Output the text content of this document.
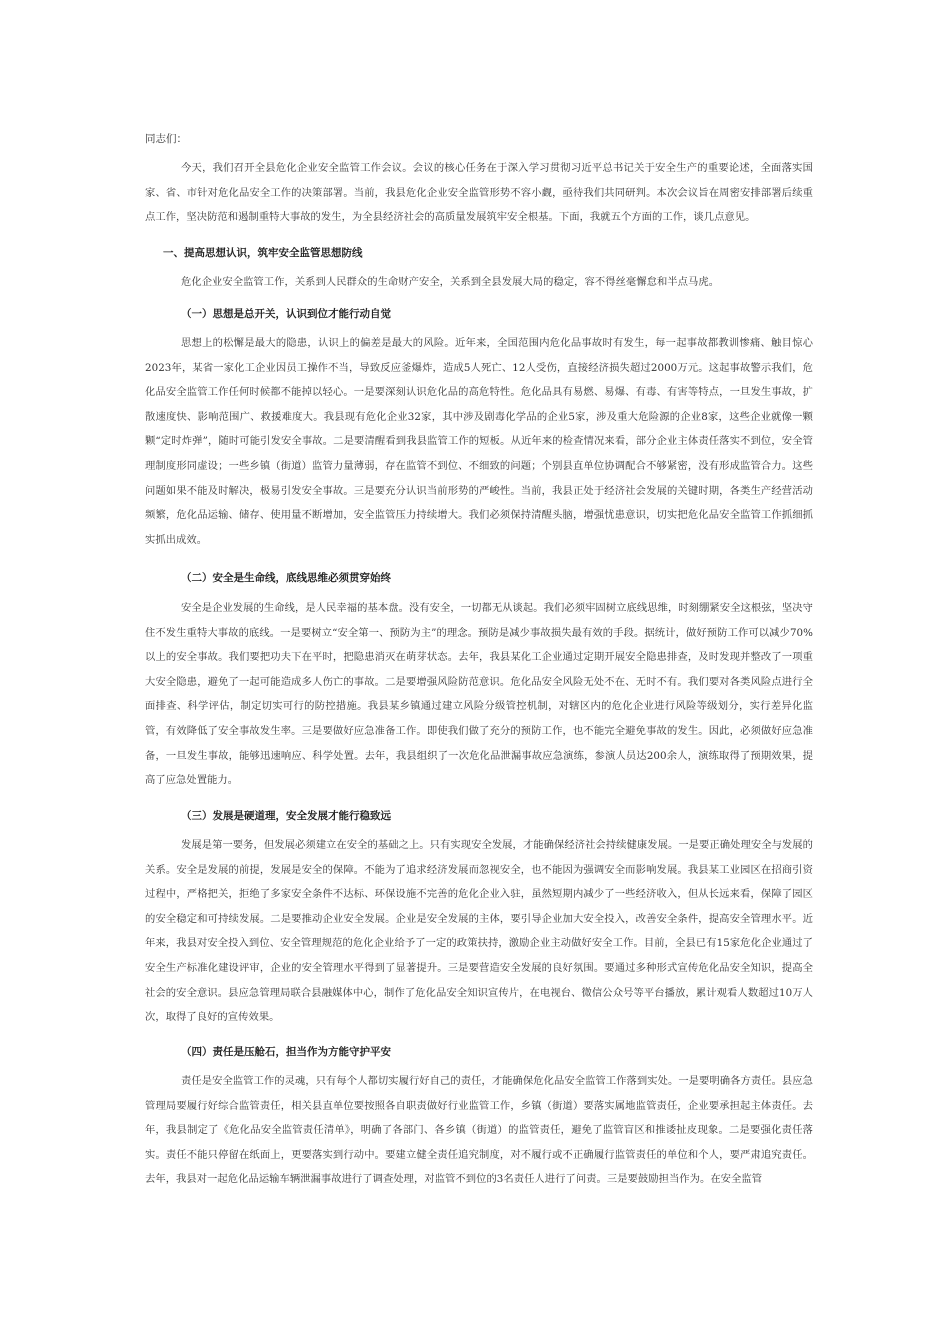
同志们：

今天，我们召开全县危化企业安全监管工作会议。会议的核心任务在于深入学习贯彻习近平总书记关于安全生产的重要论述，全面落实国家、省、市针对危化品安全工作的决策部署。当前，我县危化企业安全监管形势不容小觑，亟待我们共同研判。本次会议旨在周密安排部署后续重点工作，坚决防范和遏制重特大事故的发生，为全县经济社会的高质量发展筑牢安全根基。下面，我就五个方面的工作，谈几点意见。

一、提高思想认识，筑牢安全监管思想防线

危化企业安全监管工作，关系到人民群众的生命财产安全，关系到全县发展大局的稳定，容不得丝毫懈怠和半点马虎。

（一）思想是总开关，认识到位才能行动自觉

思想上的松懈是最大的隐患，认识上的偏差是最大的风险。近年来，全国范围内危化品事故时有发生，每一起事故都教训惨痛、触目惊心2023年，某省一家化工企业因员工操作不当，导致反应釜爆炸，造成5人死亡、12人受伤，直接经济损失超过2000万元。这起事故警示我们，危化品安全监管工作任何时候都不能掉以轻心。一是要深刻认识危化品的高危特性。危化品具有易燃、易爆、有毒、有害等特点，一旦发生事故，扩散速度快、影响范围广、救援难度大。我县现有危化企业32家，其中涉及剧毒化学品的企业5家，涉及重大危险源的企业8家，这些企业就像一颗颗“定时炸弹”，随时可能引发安全事故。二是要清醒看到我县监管工作的短板。从近年来的检查情况来看，部分企业主体责任落实不到位，安全管理制度形同虚设；一些乡镇（街道）监管力量薄弱，存在监管不到位、不细致的问题；个别县直单位协调配合不够紧密，没有形成监管合力。这些问题如果不能及时解决，极易引发安全事故。三是要充分认识当前形势的严峻性。当前，我县正处于经济社会发展的关键时期，各类生产经营活动频繁，危化品运输、储存、使用量不断增加，安全监管压力持续增大。我们必须保持清醒头脑，增强忧患意识，切实把危化品安全监管工作抓细抓实抓出成效。

（二）安全是生命线，底线思维必须贯穿始终

安全是企业发展的生命线，是人民幸福的基本盘。没有安全，一切都无从谈起。我们必须牢固树立底线思维，时刻绷紧安全这根弦，坚决守住不发生重特大事故的底线。一是要树立“安全第一、预防为主”的理念。预防是减少事故损失最有效的手段。据统计，做好预防工作可以减少70%以上的安全事故。我们要把功夫下在平时，把隐患消灭在萌芽状态。去年，我县某化工企业通过定期开展安全隐患排查，及时发现并整改了一项重大安全隐患，避免了一起可能造成多人伤亡的事故。二是要增强风险防范意识。危化品安全风险无处不在、无时不有。我们要对各类风险点进行全面排查、科学评估，制定切实可行的防控措施。我县某乡镇通过建立风险分级管控机制，对辖区内的危化企业进行风险等级划分，实行差异化监管，有效降低了安全事故发生率。三是要做好应急准备工作。即使我们做了充分的预防工作，也不能完全避免事故的发生。因此，必须做好应急准备，一旦发生事故，能够迅速响应、科学处置。去年，我县组织了一次危化品泄漏事故应急演练，参演人员达200余人，演练取得了预期效果，提高了应急处置能力。

（三）发展是硬道理，安全发展才能行稳致远

发展是第一要务，但发展必须建立在安全的基础之上。只有实现安全发展，才能确保经济社会持续健康发展。一是要正确处理安全与发展的关系。安全是发展的前提，发展是安全的保障。不能为了追求经济发展而忽视安全，也不能因为强调安全而影响发展。我县某工业园区在招商引资过程中，严格把关，拒绝了多家安全条件不达标、环保设施不完善的危化企业入驻，虽然短期内减少了一些经济收入，但从长远来看，保障了园区的安全稳定和可持续发展。二是要推动企业安全发展。企业是安全发展的主体，要引导企业加大安全投入，改善安全条件，提高安全管理水平。近年来，我县对安全投入到位、安全管理规范的危化企业给予了一定的政策扶持，激励企业主动做好安全工作。目前，全县已有15家危化企业通过了安全生产标准化建设评审，企业的安全管理水平得到了显著提升。三是要营造安全发展的良好氛围。要通过多种形式宣传危化品安全知识，提高全社会的安全意识。县应急管理局联合县融媒体中心，制作了危化品安全知识宣传片，在电视台、微信公众号等平台播放，累计观看人数超过10万人次，取得了良好的宣传效果。

（四）责任是压舱石，担当作为方能守护平安

责任是安全监管工作的灵魂，只有每个人都切实履行好自己的责任，才能确保危化品安全监管工作落到实处。一是要明确各方责任。县应急管理局要履行好综合监管责任，相关县直单位要按照各自职责做好行业监管工作，乡镇（街道）要落实属地监管责任，企业要承担起主体责任。去年，我县制定了《危化品安全监管责任清单》，明确了各部门、各乡镇（街道）的监管责任，避免了监管盲区和推诿扯皮现象。二是要强化责任落实。责任不能只停留在纸面上，更要落实到行动中。要建立健全责任追究制度，对不履行或不正确履行监管责任的单位和个人，要严肃追究责任。去年，我县对一起危化品运输车辆泄漏事故进行了调查处理，对监管不到位的3名责任人进行了问责。三是要鼓励担当作为。在安全监管
